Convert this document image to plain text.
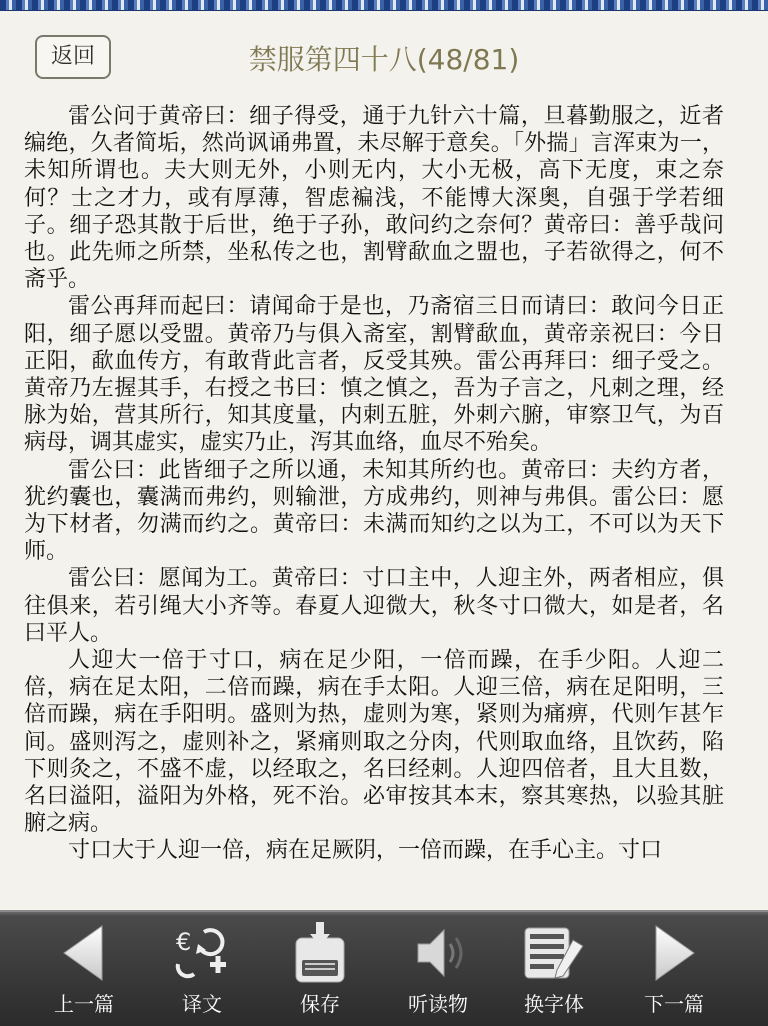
返回	禁服第四十八(48/81)

雷公问于黄帝曰：细子得受，通于九针六十篇，旦暮勤服之，近者编绝，久者简垢，然尚讽诵弗置，未尽解于意矣。「外揣」言浑束为一，未知所谓也。夫大则无外，小则无内，大小无极，高下无度，束之奈何？士之才力，或有厚薄，智虑褊浅，不能博大深奥，自强于学若细子。细子恐其散于后世，绝于子孙，敢问约之奈何？黄帝曰：善乎哉问也。此先师之所禁，坐私传之也，割臂歃血之盟也，子若欲得之，何不斋乎。

雷公再拜而起曰：请闻命于是也，乃斋宿三日而请曰：敢问今日正阳，细子愿以受盟。黄帝乃与俱入斋室，割臂歃血，黄帝亲祝曰：今日正阳，歃血传方，有敢背此言者，反受其殃。雷公再拜曰：细子受之。黄帝乃左握其手，右授之书曰：慎之慎之，吾为子言之，凡刺之理，经脉为始，营其所行，知其度量，内刺五脏，外刺六腑，审察卫气，为百病母，调其虚实，虚实乃止，泻其血络，血尽不殆矣。

雷公曰：此皆细子之所以通，未知其所约也。黄帝曰：夫约方者，犹约囊也，囊满而弗约，则输泄，方成弗约，则神与弗俱。雷公曰：愿为下材者，勿满而约之。黄帝曰：未满而知约之以为工，不可以为天下师。

雷公曰：愿闻为工。黄帝曰：寸口主中，人迎主外，两者相应，俱往俱来，若引绳大小齐等。春夏人迎微大，秋冬寸口微大，如是者，名曰平人。

人迎大一倍于寸口，病在足少阳，一倍而躁，在手少阳。人迎二倍，病在足太阳，二倍而躁，病在手太阳。人迎三倍，病在足阳明，三倍而躁，病在手阳明。盛则为热，虚则为寒，紧则为痛痹，代则乍甚乍间。盛则泻之，虚则补之，紧痛则取之分肉，代则取血络，且饮药，陷下则灸之，不盛不虚，以经取之，名曰经刺。人迎四倍者，且大且数，名曰溢阳，溢阳为外格，死不治。必审按其本末，察其寒热，以验其脏腑之病。

寸口大于人迎一倍，病在足厥阴，一倍而躁，在手心主。寸口

上一篇
€
译文	保存	听读物	换字体	下一篇
